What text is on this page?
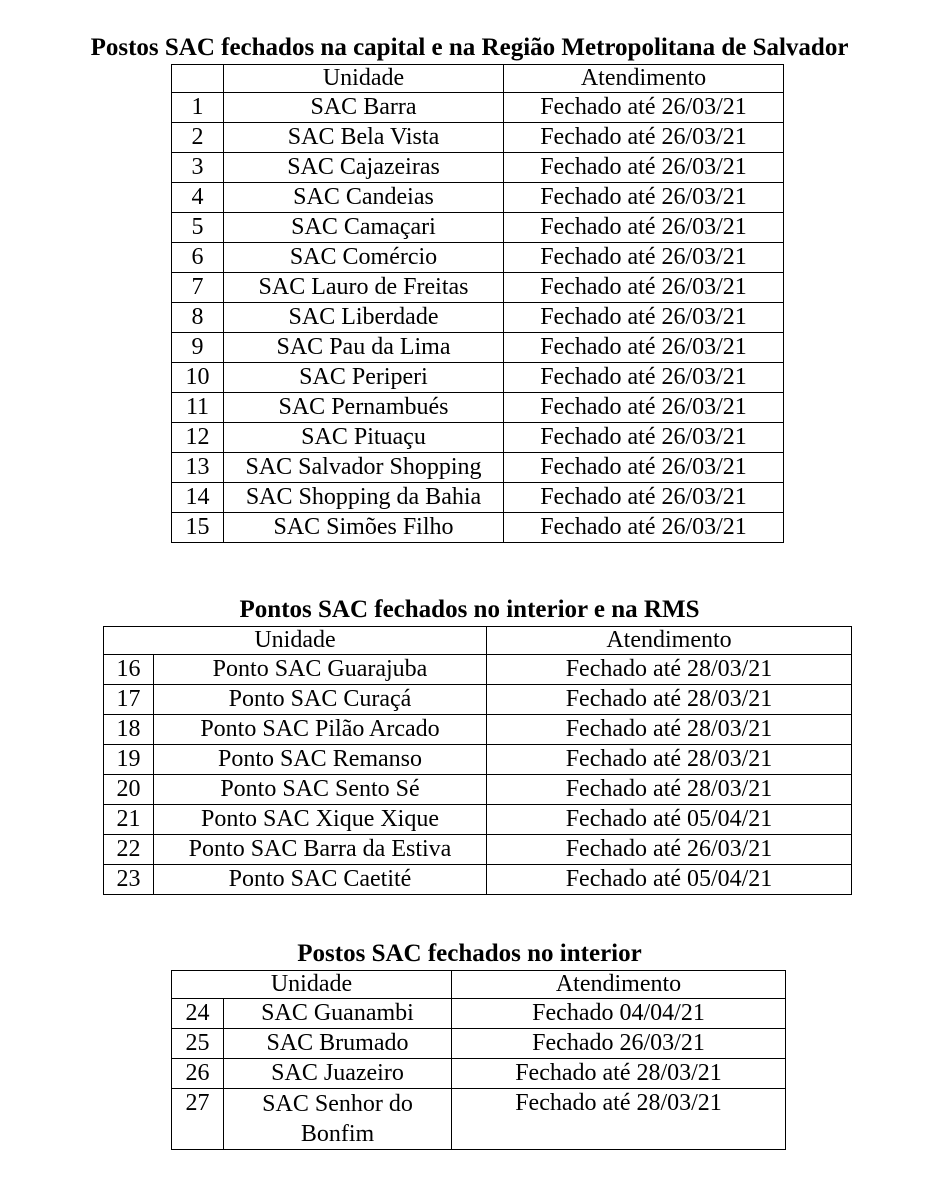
Postos SAC fechados na capital e na Região Metropolitana de Salvador
	Unidade	Atendimento
1	SAC Barra	Fechado até 26/03/21
2	SAC Bela Vista	Fechado até 26/03/21
3	SAC Cajazeiras	Fechado até 26/03/21
4	SAC Candeias	Fechado até 26/03/21
5	SAC Camaçari	Fechado até 26/03/21
6	SAC Comércio	Fechado até 26/03/21
7	SAC Lauro de Freitas	Fechado até 26/03/21
8	SAC Liberdade	Fechado até 26/03/21
9	SAC Pau da Lima	Fechado até 26/03/21
10	SAC Periperi	Fechado até 26/03/21
11	SAC Pernambués	Fechado até 26/03/21
12	SAC Pituaçu	Fechado até 26/03/21
13	SAC Salvador Shopping	Fechado até 26/03/21
14	SAC Shopping da Bahia	Fechado até 26/03/21
15	SAC Simões Filho	Fechado até 26/03/21
Pontos SAC fechados no interior e na RMS
Unidade		Atendimento
16	Ponto SAC Guarajuba	Fechado até 28/03/21
17	Ponto SAC Curaçá	Fechado até 28/03/21
18	Ponto SAC Pilão Arcado	Fechado até 28/03/21
19	Ponto SAC Remanso	Fechado até 28/03/21
20	Ponto SAC Sento Sé	Fechado até 28/03/21
21	Ponto SAC Xique Xique	Fechado até 05/04/21
22	Ponto SAC Barra da Estiva	Fechado até 26/03/21
23	Ponto SAC Caetité	Fechado até 05/04/21
Postos SAC fechados no interior
Unidade		Atendimento
24	SAC Guanambi	Fechado 04/04/21
25	SAC Brumado	Fechado 26/03/21
26	SAC Juazeiro	Fechado até 28/03/21
27	SAC Senhor do Bonfim	Fechado até 28/03/21
